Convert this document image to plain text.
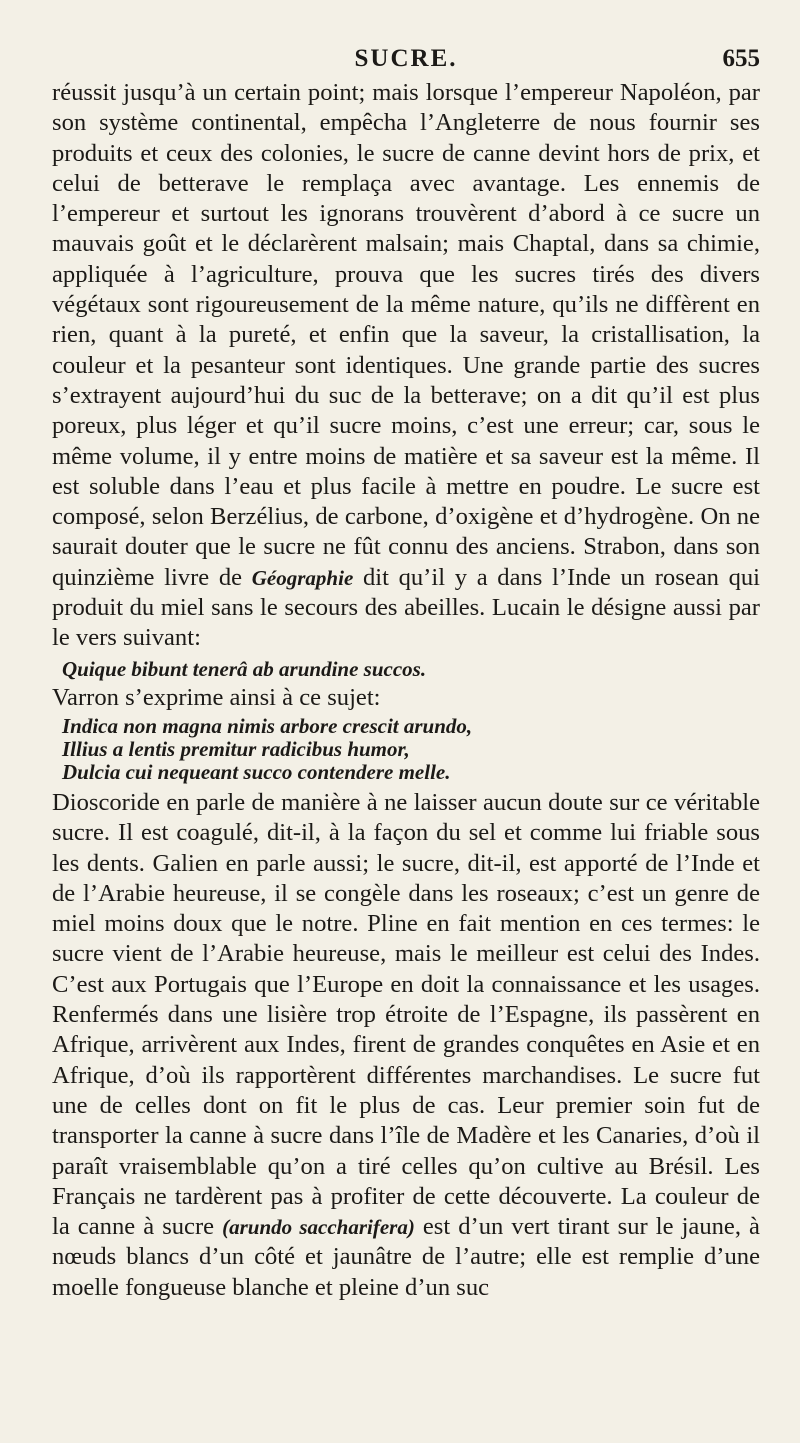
SUCRE.	655

réussit jusqu’à un certain point; mais lorsque l’empereur Napoléon, par son système continental, empêcha l’Angleterre de nous fournir ses produits et ceux des colonies, le sucre de canne devint hors de prix, et celui de betterave le remplaça avec avantage. Les ennemis de l’empereur et surtout les ignorans trouvèrent d’abord à ce sucre un mauvais goût et le déclarèrent malsain; mais Chaptal, dans sa chimie, appliquée à l’agriculture, prouva que les sucres tirés des divers végétaux sont rigoureusement de la même nature, qu’ils ne diffèrent en rien, quant à la pureté, et enfin que la saveur, la cristallisation, la couleur et la pesanteur sont identiques. Une grande partie des sucres s’extrayent aujourd’hui du suc de la betterave; on a dit qu’il est plus poreux, plus léger et qu’il sucre moins, c’est une erreur; car, sous le même volume, il y entre moins de matière et sa saveur est la même. Il est soluble dans l’eau et plus facile à mettre en poudre. Le sucre est composé, selon Berzélius, de carbone, d’oxigène et d’hydrogène. On ne saurait douter que le sucre ne fût connu des anciens. Strabon, dans son quinzième livre de Géographie dit qu’il y a dans l’Inde un rosean qui produit du miel sans le secours des abeilles. Lucain le désigne aussi par le vers suivant:

Quique bibunt tenerâ ab arundine succos.

Varron s’exprime ainsi à ce sujet:

Indica non magna nimis arbore crescit arundo,
Illius a lentis premitur radicibus humor,
Dulcia cui nequeant succo contendere melle.

Dioscoride en parle de manière à ne laisser aucun doute sur ce véritable sucre. Il est coagulé, dit-il, à la façon du sel et comme lui friable sous les dents. Galien en parle aussi; le sucre, dit-il, est apporté de l’Inde et de l’Arabie heureuse, il se congèle dans les roseaux; c’est un genre de miel moins doux que le notre. Pline en fait mention en ces termes: le sucre vient de l’Arabie heureuse, mais le meilleur est celui des Indes. C’est aux Portugais que l’Europe en doit la connaissance et les usages. Renfermés dans une lisière trop étroite de l’Espagne, ils passèrent en Afrique, arrivèrent aux Indes, firent de grandes conquêtes en Asie et en Afrique, d’où ils rapportèrent différentes marchandises. Le sucre fut une de celles dont on fit le plus de cas. Leur premier soin fut de transporter la canne à sucre dans l’île de Madère et les Canaries, d’où il paraît vraisemblable qu’on a tiré celles qu’on cultive au Brésil. Les Français ne tardèrent pas à profiter de cette découverte. La couleur de la canne à sucre (arundo saccharifera) est d’un vert tirant sur le jaune, à nœuds blancs d’un côté et jaunâtre de l’autre; elle est remplie d’une moelle fongueuse blanche et pleine d’un suc
